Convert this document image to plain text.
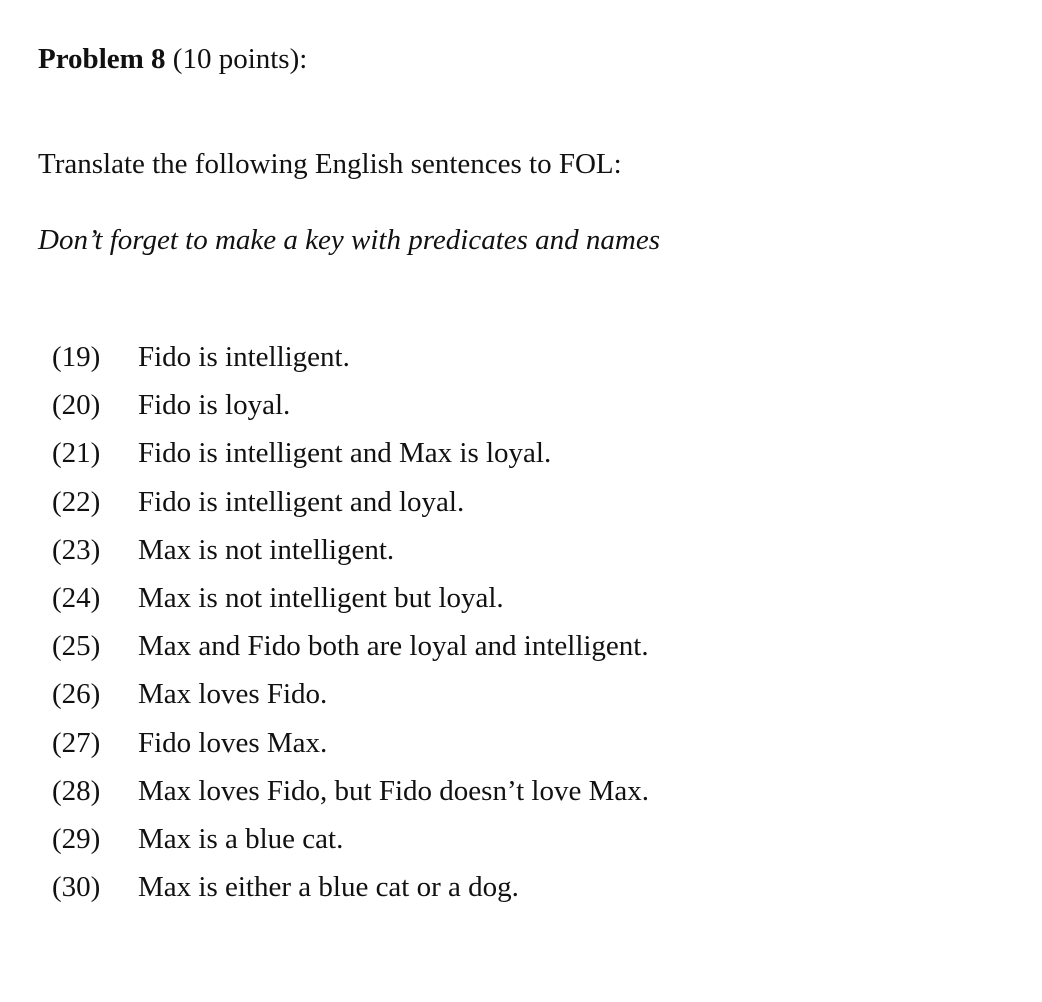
Problem 8 (10 points):
Translate the following English sentences to FOL:
Don’t forget to make a key with predicates and names
(19)	Fido is intelligent.
(20)	Fido is loyal.
(21)	Fido is intelligent and Max is loyal.
(22)	Fido is intelligent and loyal.
(23)	Max is not intelligent.
(24)	Max is not intelligent but loyal.
(25)	Max and Fido both are loyal and intelligent.
(26)	Max loves Fido.
(27)	Fido loves Max.
(28)	Max loves Fido, but Fido doesn’t love Max.
(29)	Max is a blue cat.
(30)	Max is either a blue cat or a dog.
